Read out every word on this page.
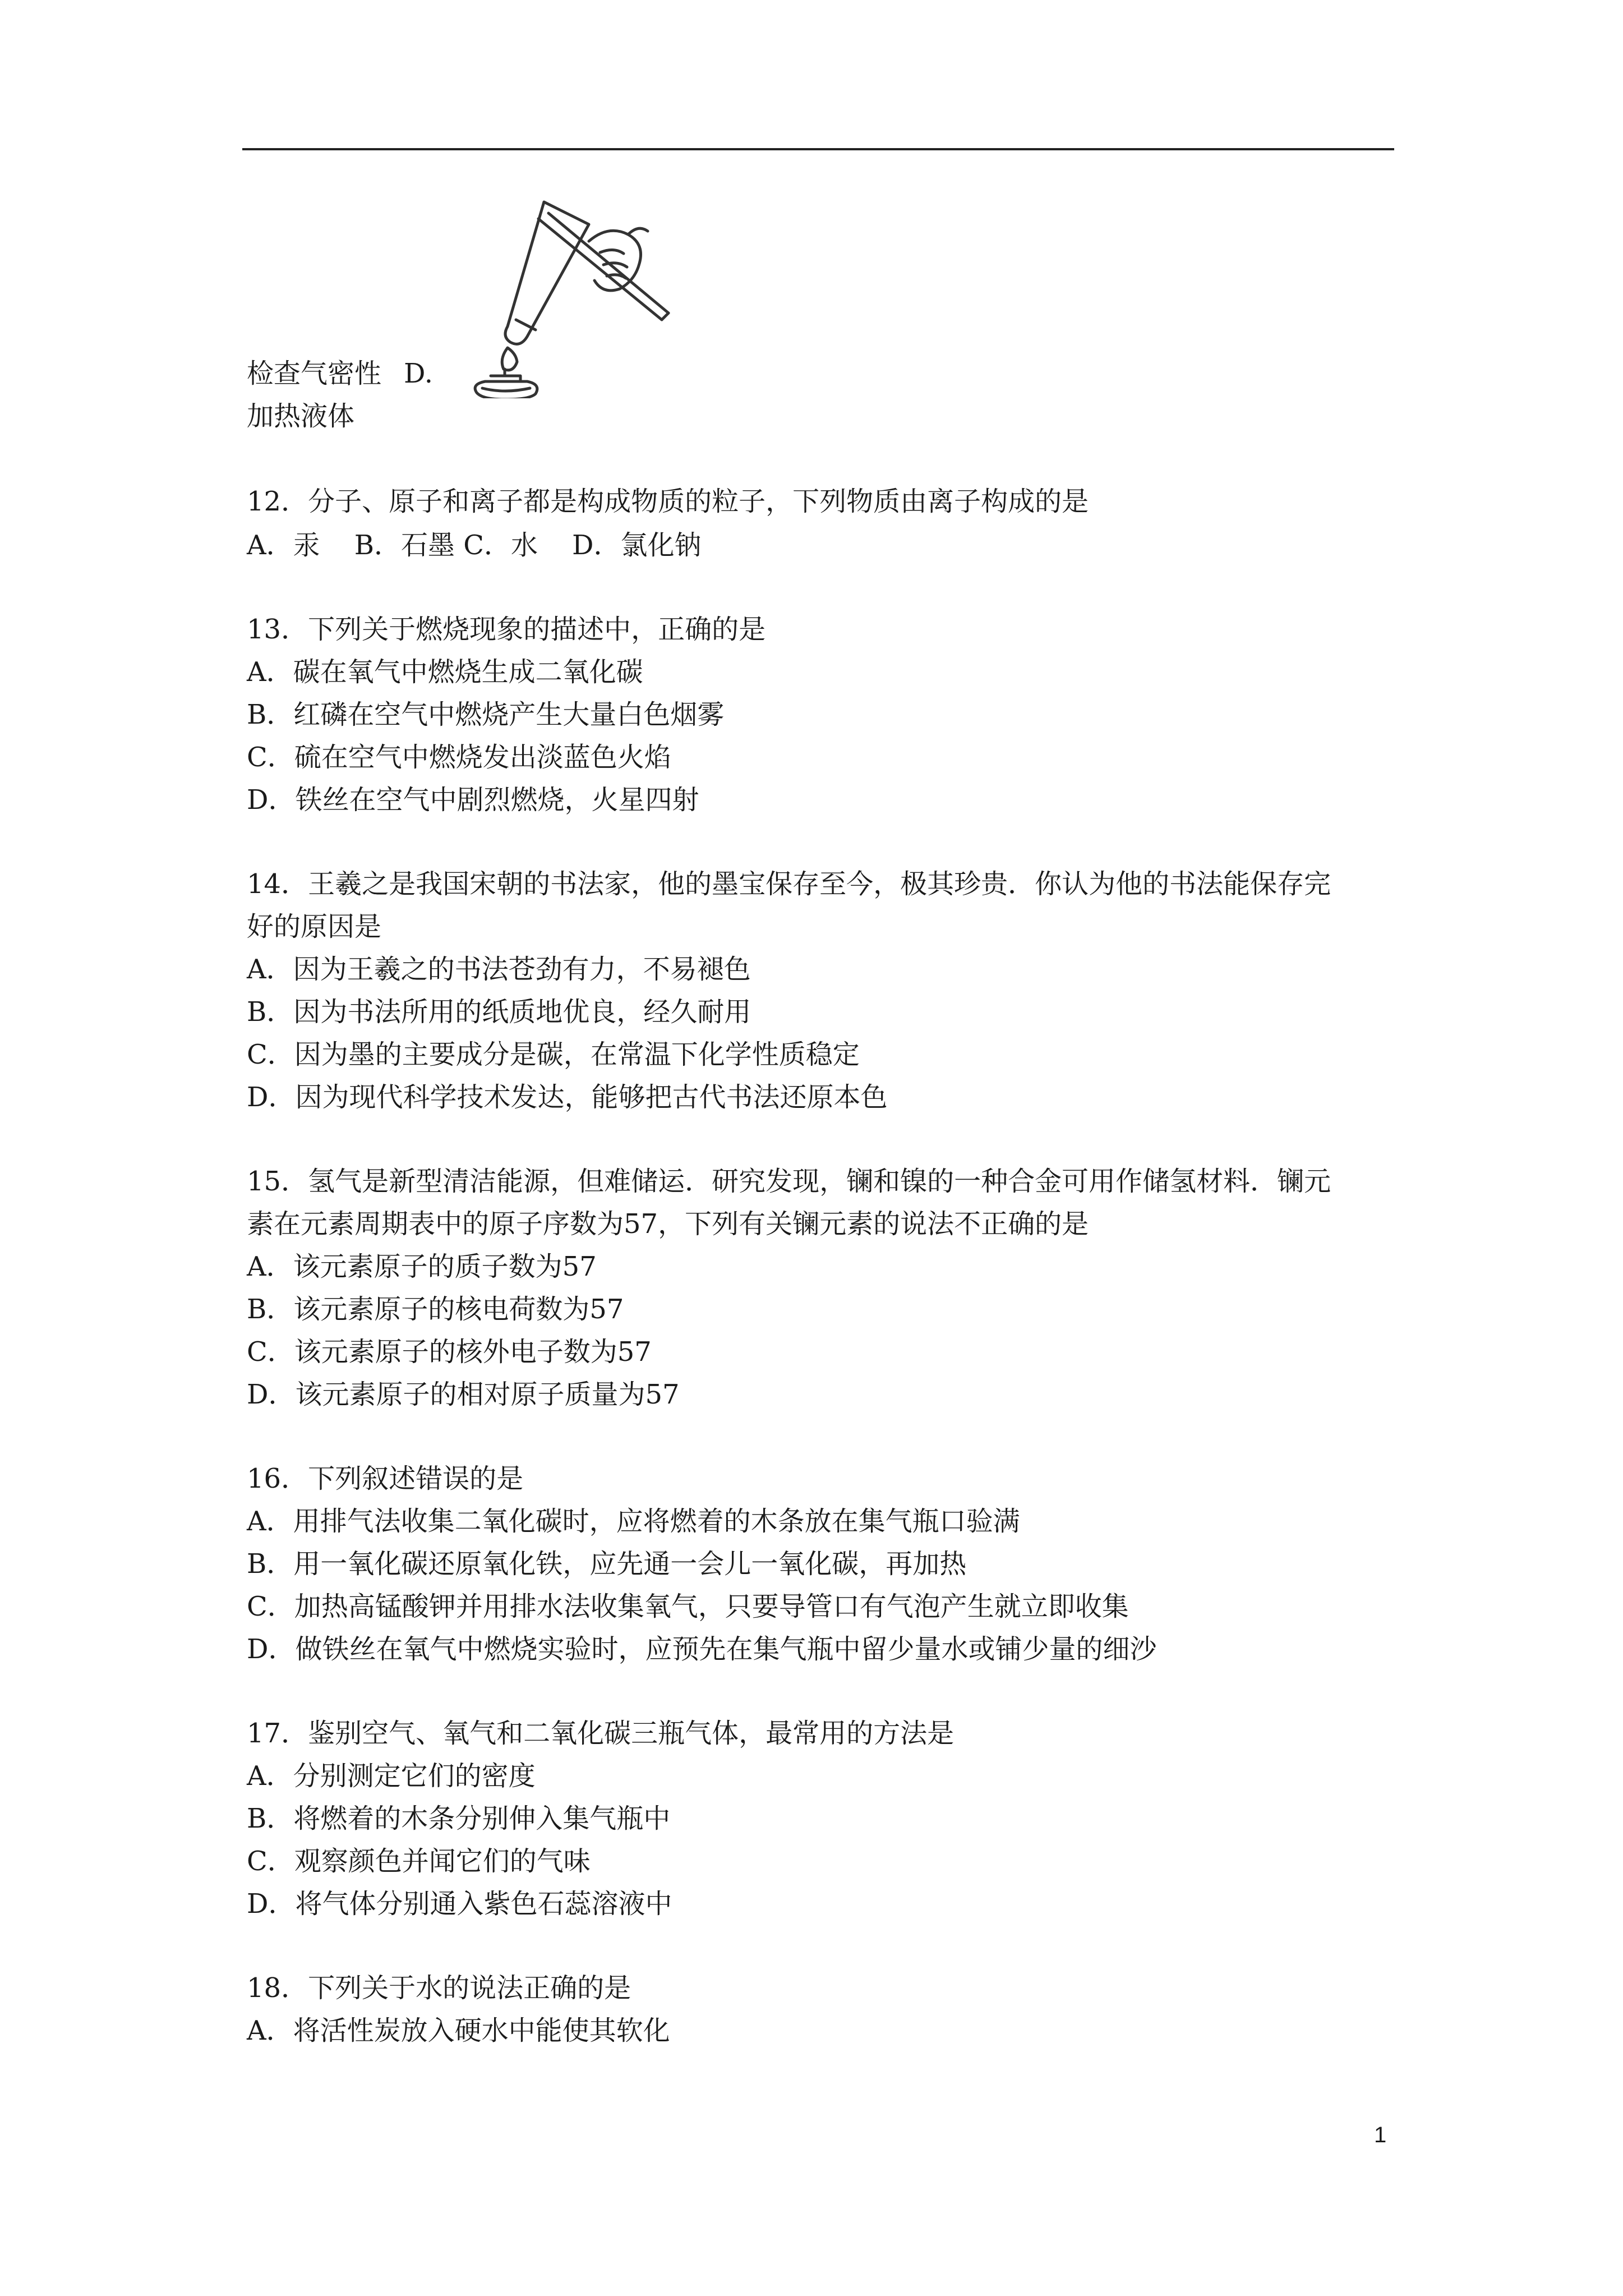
检查气密性 D.
加热液体
12．分子、原子和离子都是构成物质的粒子，下列物质由离子构成的是
A．汞    B．石墨 C．水    D．氯化钠
13．下列关于燃烧现象的描述中，正确的是
A．碳在氧气中燃烧生成二氧化碳
B．红磷在空气中燃烧产生大量白色烟雾
C．硫在空气中燃烧发出淡蓝色火焰
D．铁丝在空气中剧烈燃烧，火星四射
14．王羲之是我国宋朝的书法家，他的墨宝保存至今，极其珍贵．你认为他的书法能保存完
好的原因是
A．因为王羲之的书法苍劲有力，不易褪色
B．因为书法所用的纸质地优良，经久耐用
C．因为墨的主要成分是碳，在常温下化学性质稳定
D．因为现代科学技术发达，能够把古代书法还原本色
15．氢气是新型清洁能源，但难储运．研究发现，镧和镍的一种合金可用作储氢材料．镧元
素在元素周期表中的原子序数为57，下列有关镧元素的说法不正确的是
A．该元素原子的质子数为57
B．该元素原子的核电荷数为57
C．该元素原子的核外电子数为57
D．该元素原子的相对原子质量为57
16．下列叙述错误的是
A．用排气法收集二氧化碳时，应将燃着的木条放在集气瓶口验满
B．用一氧化碳还原氧化铁，应先通一会儿一氧化碳，再加热
C．加热高锰酸钾并用排水法收集氧气，只要导管口有气泡产生就立即收集
D．做铁丝在氧气中燃烧实验时，应预先在集气瓶中留少量水或铺少量的细沙
17．鉴别空气、氧气和二氧化碳三瓶气体，最常用的方法是
A．分别测定它们的密度
B．将燃着的木条分别伸入集气瓶中
C．观察颜色并闻它们的气味
D．将气体分别通入紫色石蕊溶液中
18．下列关于水的说法正确的是
A．将活性炭放入硬水中能使其软化
1
